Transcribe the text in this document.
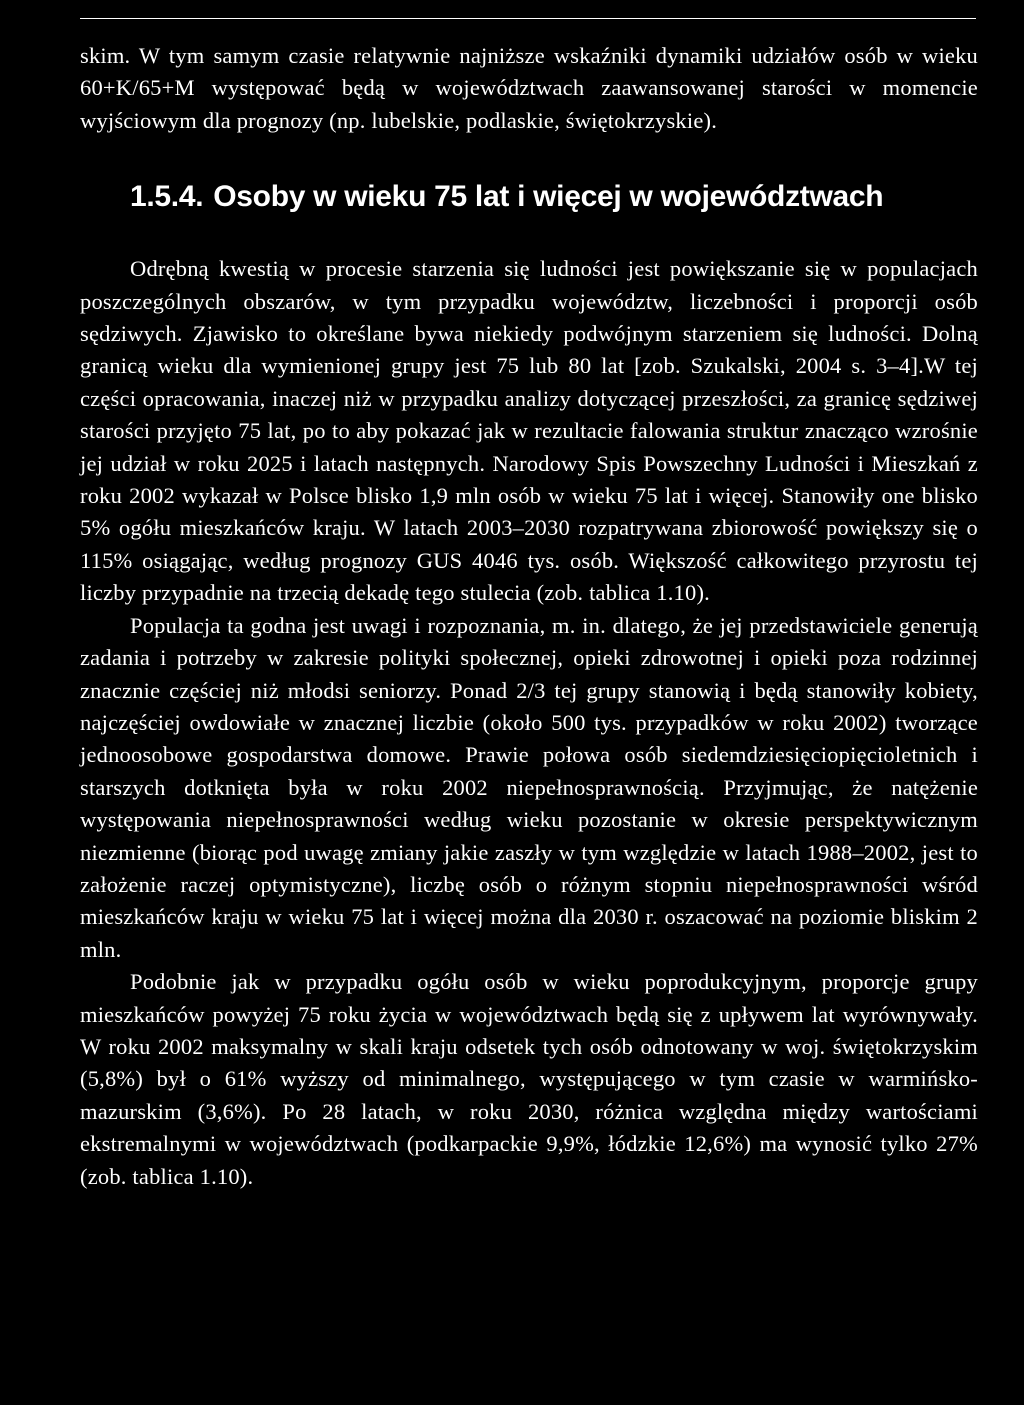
skim. W tym samym czasie relatywnie najniższe wskaźniki dynamiki udziałów osób w wieku 60+K/65+M występować będą w województwach zaawansowanej starości w momencie wyjściowym dla prognozy (np. lubelskie, podlaskie, świętokrzyskie).

1.5.4. Osoby w wieku 75 lat i więcej w województwach

Odrębną kwestią w procesie starzenia się ludności jest powiększanie się w populacjach poszczególnych obszarów, w tym przypadku województw, liczebności i proporcji osób sędziwych. Zjawisko to określane bywa niekiedy podwójnym starzeniem się ludności. Dolną granicą wieku dla wymienionej grupy jest 75 lub 80 lat [zob. Szukalski, 2004 s. 3–4].W tej części opracowania, inaczej niż w przypadku analizy dotyczącej przeszłości, za granicę sędziwej starości przyjęto 75 lat, po to aby pokazać jak w rezultacie falowania struktur znacząco wzrośnie jej udział w roku 2025 i latach następnych. Narodowy Spis Powszechny Ludności i Mieszkań z roku 2002 wykazał w Polsce blisko 1,9 mln osób w wieku 75 lat i więcej. Stanowiły one blisko 5% ogółu mieszkańców kraju. W latach 2003–2030 rozpatrywana zbiorowość powiększy się o 115% osiągając, według prognozy GUS 4046 tys. osób. Większość całkowitego przyrostu tej liczby przypadnie na trzecią dekadę tego stulecia (zob. tablica 1.10).

Populacja ta godna jest uwagi i rozpoznania, m. in. dlatego, że jej przedstawiciele generują zadania i potrzeby w zakresie polityki społecznej, opieki zdrowotnej i opieki poza rodzinnej znacznie częściej niż młodsi seniorzy. Ponad 2/3 tej grupy stanowią i będą stanowiły kobiety, najczęściej owdowiałe w znacznej liczbie (około 500 tys. przypadków w roku 2002) tworzące jednoosobowe gospodarstwa domowe. Prawie połowa osób siedemdziesięciopięcioletnich i starszych dotknięta była w roku 2002 niepełnosprawnością. Przyjmując, że natężenie występowania niepełnosprawności według wieku pozostanie w okresie perspektywicznym niezmienne (biorąc pod uwagę zmiany jakie zaszły w tym względzie w latach 1988–2002, jest to założenie raczej optymistyczne), liczbę osób o różnym stopniu niepełnosprawności wśród mieszkańców kraju w wieku 75 lat i więcej można dla 2030 r. oszacować na poziomie bliskim 2 mln.

Podobnie jak w przypadku ogółu osób w wieku poprodukcyjnym, proporcje grupy mieszkańców powyżej 75 roku życia w województwach będą się z upływem lat wyrównywały. W roku 2002 maksymalny w skali kraju odsetek tych osób odnotowany w woj. świętokrzyskim (5,8%) był o 61% wyższy od minimalnego, występującego w tym czasie w warmińsko-mazurskim (3,6%). Po 28 latach, w roku 2030, różnica względna między wartościami ekstremalnymi w województwach (podkarpackie 9,9%, łódzkie 12,6%) ma wynosić tylko 27% (zob. tablica 1.10).
